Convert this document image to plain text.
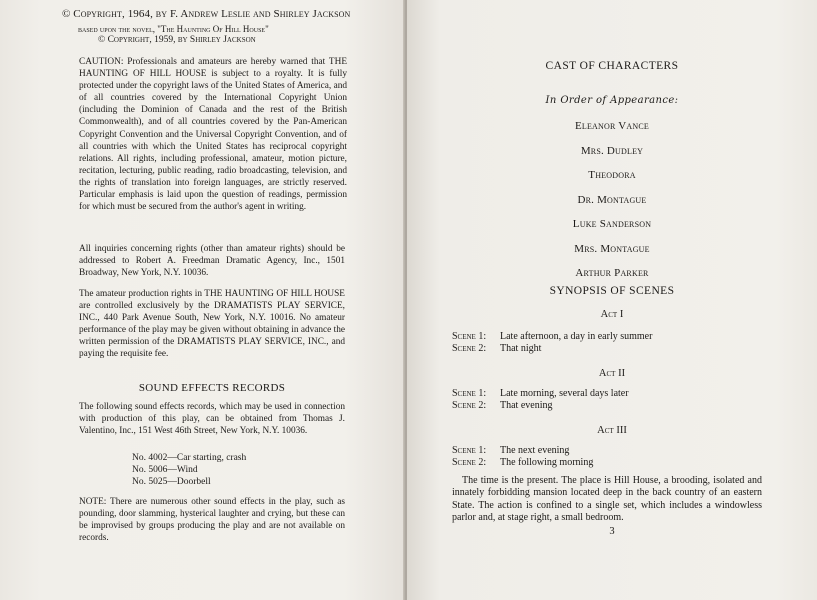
© Copyright, 1964, by F. Andrew Leslie and Shirley Jackson

based upon the novel, "The Haunting Of Hill House"

© Copyright, 1959, by Shirley Jackson

CAUTION: Professionals and amateurs are hereby warned that THE HAUNTING OF HILL HOUSE is subject to a royalty. It is fully protected under the copyright laws of the United States of America, and of all countries covered by the International Copyright Union (including the Dominion of Canada and the rest of the British Commonwealth), and of all countries covered by the Pan-American Copyright Convention and the Universal Copyright Convention, and of all countries with which the United States has reciprocal copyright relations. All rights, including professional, amateur, motion picture, recitation, lecturing, public reading, radio broadcasting, television, and the rights of translation into foreign languages, are strictly reserved. Particular emphasis is laid upon the question of readings, permission for which must be secured from the author's agent in writing.

All inquiries concerning rights (other than amateur rights) should be addressed to Robert A. Freedman Dramatic Agency, Inc., 1501 Broadway, New York, N.Y. 10036.

The amateur production rights in THE HAUNTING OF HILL HOUSE are controlled exclusively by the DRAMATISTS PLAY SERVICE, INC., 440 Park Avenue South, New York, N.Y. 10016. No amateur performance of the play may be given without obtaining in advance the written permission of the DRAMATISTS PLAY SERVICE, INC., and paying the requisite fee.

SOUND EFFECTS RECORDS

The following sound effects records, which may be used in connection with production of this play, can be obtained from Thomas J. Valentino, Inc., 151 West 46th Street, New York, N.Y. 10036.

No. 4002—Car starting, crash
No. 5006—Wind
No. 5025—Doorbell

NOTE: There are numerous other sound effects in the play, such as pounding, door slamming, hysterical laughter and crying, but these can be improvised by groups producing the play and are not available on records.

CAST OF CHARACTERS

In Order of Appearance:

Eleanor Vance
Mrs. Dudley
Theodora
Dr. Montague
Luke Sanderson
Mrs. Montague
Arthur Parker

SYNOPSIS OF SCENES

Act I

Scene 1: Late afternoon, a day in early summer
Scene 2: That night

Act II

Scene 1: Late morning, several days later
Scene 2: That evening

Act III

Scene 1: The next evening
Scene 2: The following morning

The time is the present. The place is Hill House, a brooding, isolated and innately forbidding mansion located deep in the back country of an eastern State. The action is confined to a single set, which includes a windowless parlor and, at stage right, a small bedroom.

3
